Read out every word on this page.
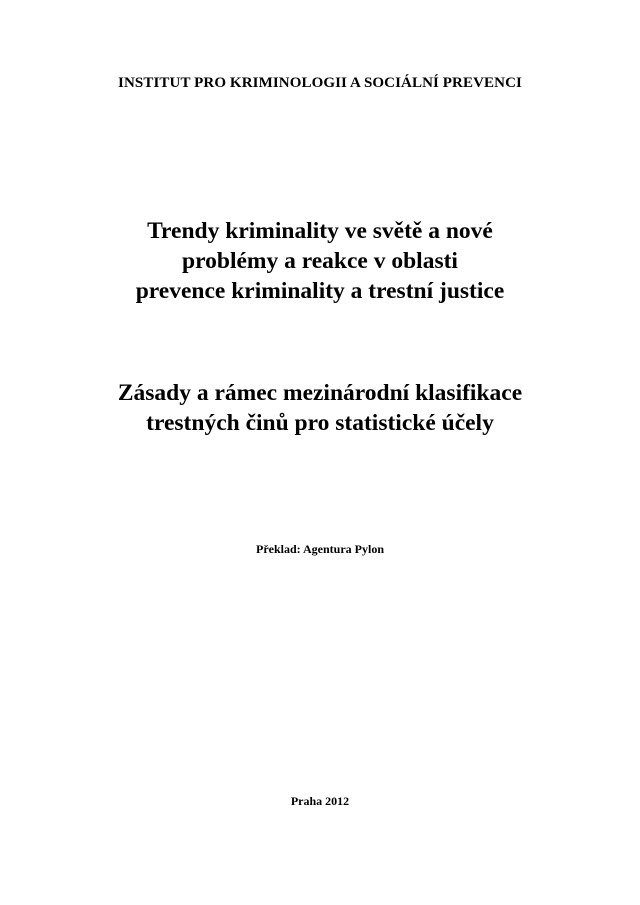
INSTITUT PRO KRIMINOLOGII A SOCIÁLNÍ PREVENCI
Trendy kriminality ve světě a nové
problémy a reakce v oblasti
prevence kriminality a trestní justice
Zásady a rámec mezinárodní klasifikace
trestných činů pro statistické účely
Překlad: Agentura Pylon
Praha 2012
